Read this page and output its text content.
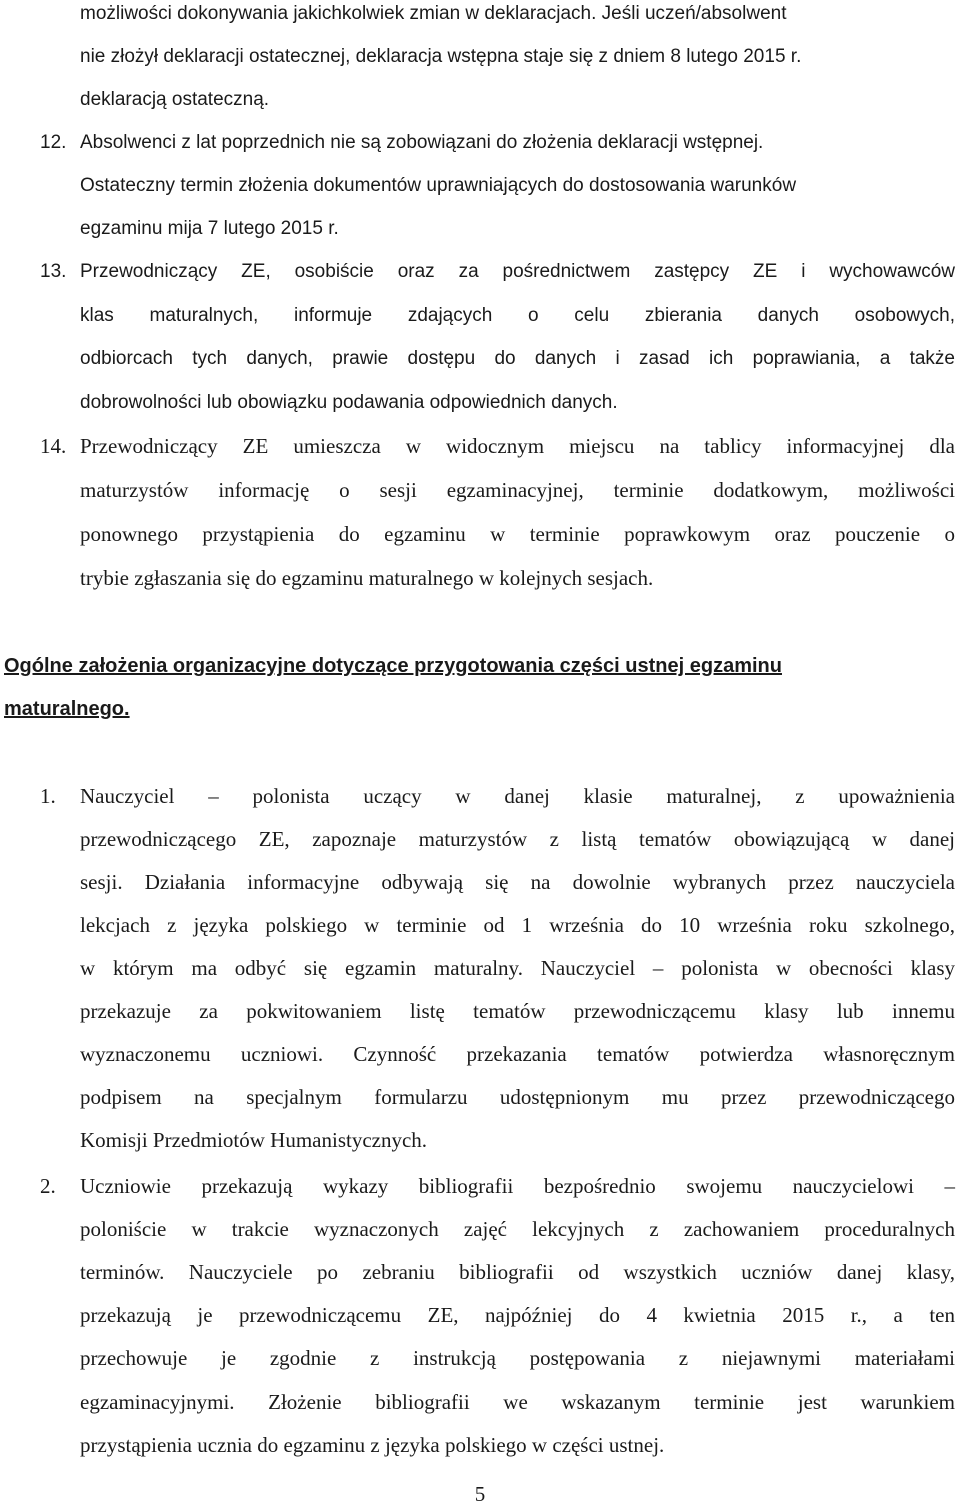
możliwości dokonywania jakichkolwiek zmian w deklaracjach. Jeśli uczeń/absolwent
nie złożył deklaracji ostatecznej, deklaracja wstępna staje się z dniem 8 lutego 2015 r.
deklaracją ostateczną.
12. Absolwenci z lat poprzednich nie są zobowiązani do złożenia deklaracji wstępnej.
Ostateczny termin złożenia dokumentów uprawniających do dostosowania warunków
egzaminu mija 7 lutego 2015 r.
13. Przewodniczący ZE, osobiście oraz za pośrednictwem zastępcy ZE i wychowawców
klas maturalnych, informuje zdających o celu zbierania danych osobowych,
odbiorcach tych danych, prawie dostępu do danych i zasad ich poprawiania, a także
dobrowolności lub obowiązku podawania odpowiednich danych.
14. Przewodniczący ZE umieszcza w widocznym miejscu na tablicy informacyjnej dla
maturzystów informację o sesji egzaminacyjnej, terminie dodatkowym, możliwości
ponownego przystąpienia do egzaminu w terminie poprawkowym oraz pouczenie o
trybie zgłaszania się do egzaminu maturalnego w kolejnych sesjach.
Ogólne założenia organizacyjne dotyczące przygotowania części ustnej egzaminu
maturalnego.
1. Nauczyciel – polonista uczący w danej klasie maturalnej, z upoważnienia
przewodniczącego ZE, zapoznaje maturzystów z listą tematów obowiązującą w danej
sesji. Działania informacyjne odbywają się na dowolnie wybranych przez nauczyciela
lekcjach z języka polskiego w terminie od 1 września do 10 września roku szkolnego,
w którym ma odbyć się egzamin maturalny. Nauczyciel – polonista w obecności klasy
przekazuje za pokwitowaniem listę tematów przewodniczącemu klasy lub innemu
wyznaczonemu uczniowi. Czynność przekazania tematów potwierdza własnoręcznym
podpisem na specjalnym formularzu udostępnionym mu przez przewodniczącego
Komisji Przedmiotów Humanistycznych.
2. Uczniowie przekazują wykazy bibliografii bezpośrednio swojemu nauczycielowi –
poloniście w trakcie wyznaczonych zajęć lekcyjnych z zachowaniem proceduralnych
terminów. Nauczyciele po zebraniu bibliografii od wszystkich uczniów danej klasy,
przekazują je przewodniczącemu ZE, najpóźniej do 4 kwietnia 2015 r., a ten
przechowuje je zgodnie z instrukcją postępowania z niejawnymi materiałami
egzaminacyjnymi. Złożenie bibliografii we wskazanym terminie jest warunkiem
przystąpienia ucznia do egzaminu z języka polskiego w części ustnej.
5
